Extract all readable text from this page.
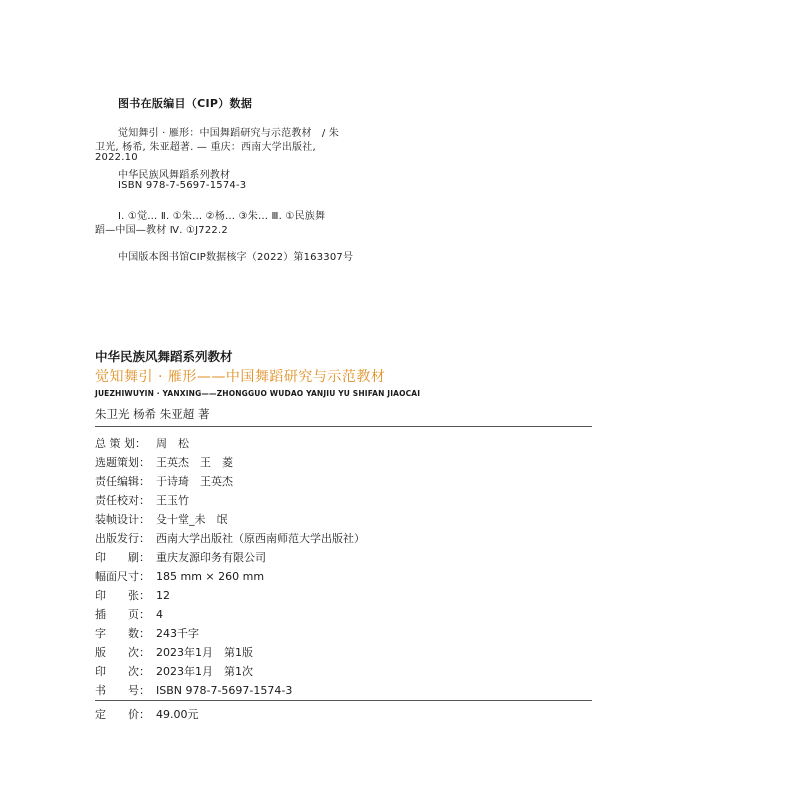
图书在版编目（CIP）数据
觉知舞引 · 雁形：中国舞蹈研究与示范教材　/ 朱
卫光, 杨希, 朱亚超著. — 重庆：西南大学出版社,
2022.10
中华民族风舞蹈系列教材
ISBN 978-7-5697-1574-3
Ⅰ. ①觉… Ⅱ. ①朱… ②杨… ③朱… Ⅲ. ①民族舞
蹈—中国—教材 Ⅳ. ①J722.2
中国版本图书馆CIP数据核字（2022）第163307号
中华民族风舞蹈系列教材
觉知舞引 · 雁形——中国舞蹈研究与示范教材
JUEZHIWUYIN · YANXING——ZHONGGUO WUDAO YANJIU YU SHIFAN JIAOCAI
朱卫光 杨希 朱亚超 著
总 策 划： 周　松
选题策划： 王英杰　王　菱
责任编辑： 于诗琦　王英杰
责任校对： 王玉竹
装帧设计： 殳十堂_未　氓
出版发行： 西南大学出版社（原西南师范大学出版社）
印　　刷： 重庆友源印务有限公司
幅面尺寸： 185 mm × 260 mm
印　　张： 12
插　　页： 4
字　　数： 243千字
版　　次： 2023年1月　第1版
印　　次： 2023年1月　第1次
书　　号： ISBN 978-7-5697-1574-3
定　　价： 49.00元
